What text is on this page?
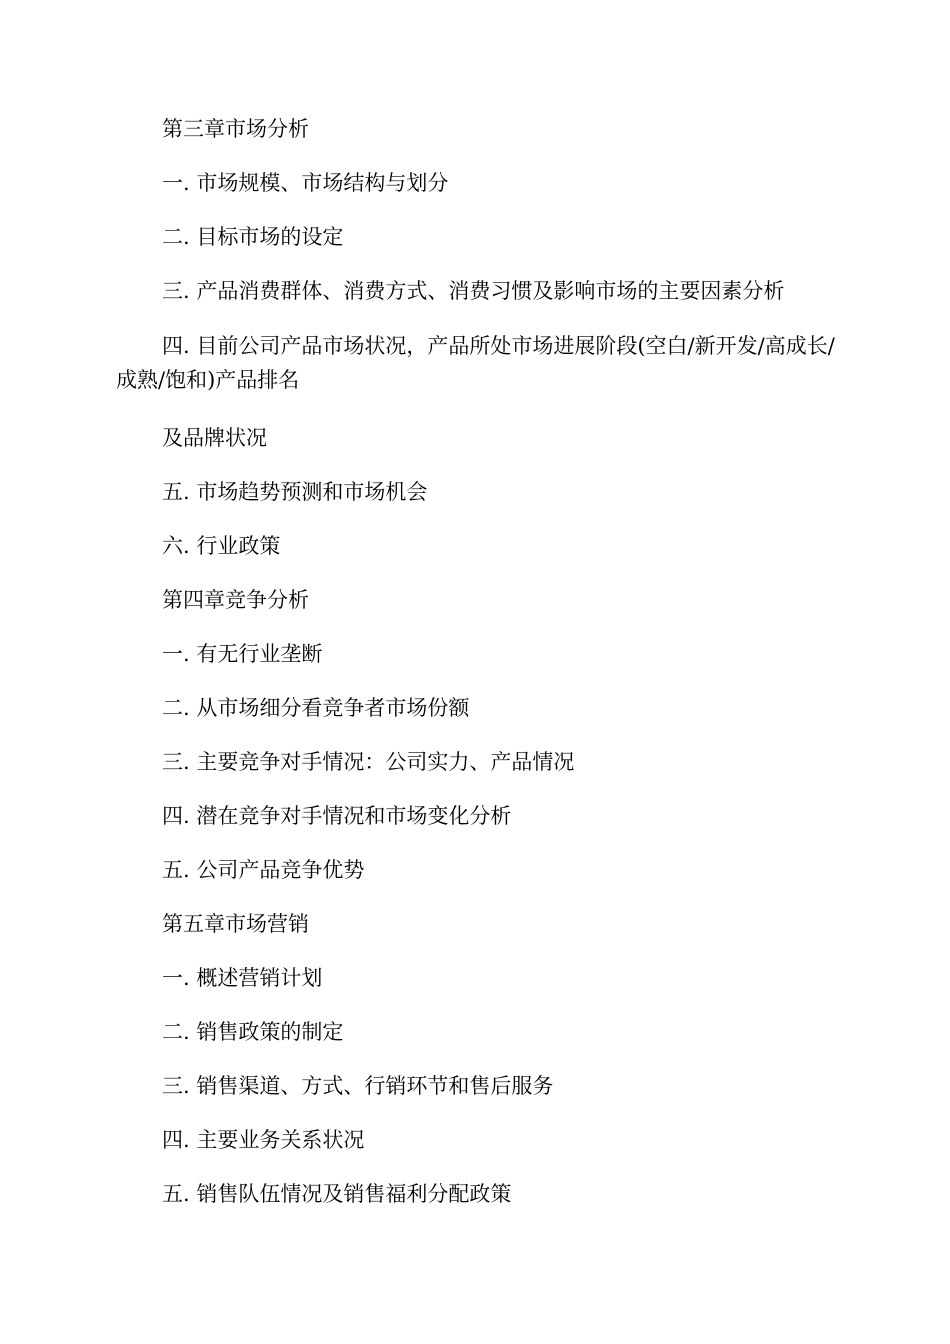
第三章市场分析
一. 市场规模、市场结构与划分
二. 目标市场的设定
三. 产品消费群体、消费方式、消费习惯及影响市场的主要因素分析
四. 目前公司产品市场状况，产品所处市场进展阶段(空白/新开发/高成长/成熟/饱和)产品排名
及品牌状况
五. 市场趋势预测和市场机会
六. 行业政策
第四章竞争分析
一. 有无行业垄断
二. 从市场细分看竞争者市场份额
三. 主要竞争对手情况：公司实力、产品情况
四. 潜在竞争对手情况和市场变化分析
五. 公司产品竞争优势
第五章市场营销
一. 概述营销计划
二. 销售政策的制定
三. 销售渠道、方式、行销环节和售后服务
四. 主要业务关系状况
五. 销售队伍情况及销售福利分配政策
